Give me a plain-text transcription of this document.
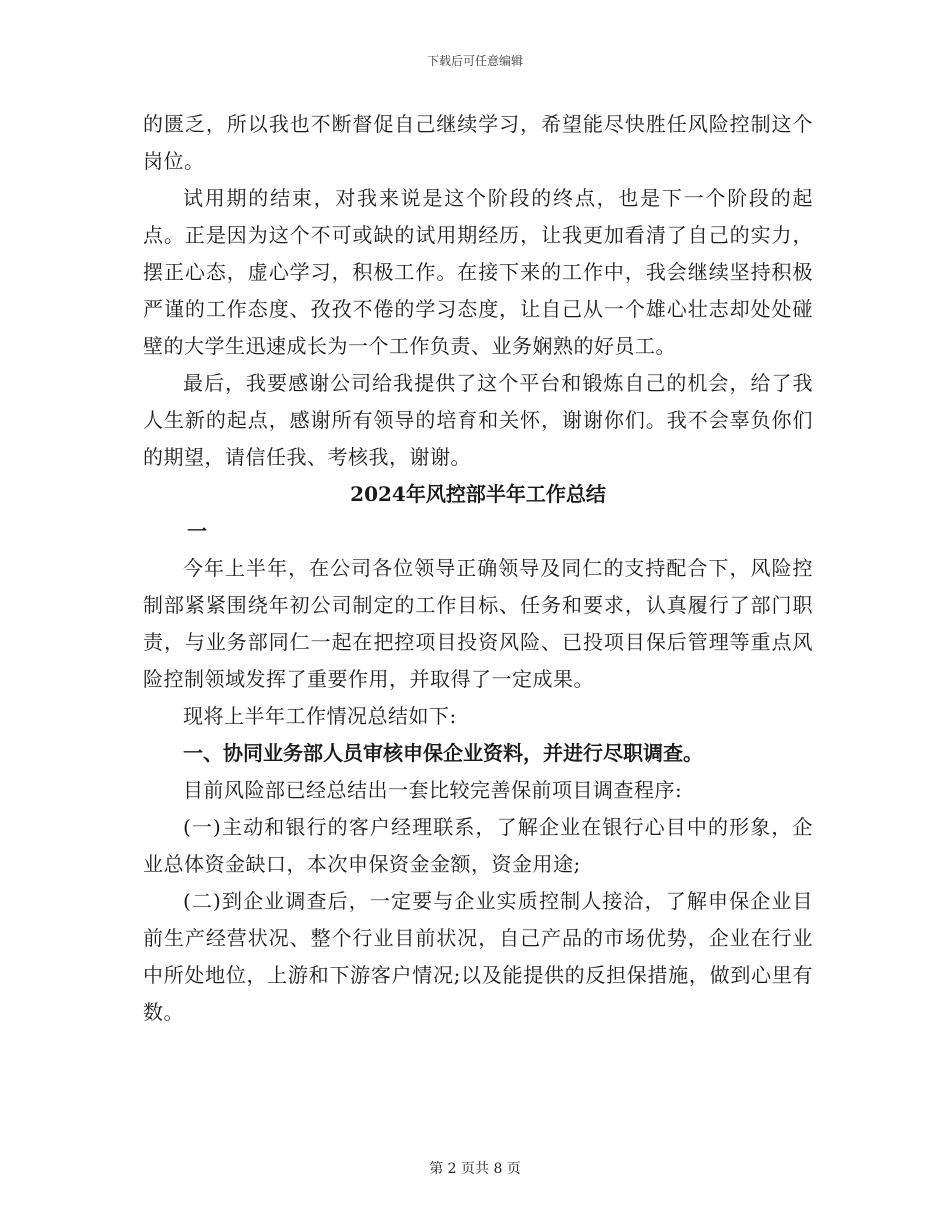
下载后可任意编辑

的匮乏，所以我也不断督促自己继续学习，希望能尽快胜任风险控制这个岗位。

试用期的结束，对我来说是这个阶段的终点，也是下一个阶段的起点。正是因为这个不可或缺的试用期经历，让我更加看清了自己的实力，摆正心态，虚心学习，积极工作。在接下来的工作中，我会继续坚持积极严谨的工作态度、孜孜不倦的学习态度，让自己从一个雄心壮志却处处碰壁的大学生迅速成长为一个工作负责、业务娴熟的好员工。

最后，我要感谢公司给我提供了这个平台和锻炼自己的机会，给了我人生新的起点，感谢所有领导的培育和关怀，谢谢你们。我不会辜负你们的期望，请信任我、考核我，谢谢。

2024年风控部半年工作总结

一

今年上半年，在公司各位领导正确领导及同仁的支持配合下，风险控制部紧紧围绕年初公司制定的工作目标、任务和要求，认真履行了部门职责，与业务部同仁一起在把控项目投资风险、已投项目保后管理等重点风险控制领域发挥了重要作用，并取得了一定成果。

现将上半年工作情况总结如下:

一、协同业务部人员审核申保企业资料，并进行尽职调查。

目前风险部已经总结出一套比较完善保前项目调查程序:

(一)主动和银行的客户经理联系，了解企业在银行心目中的形象，企业总体资金缺口，本次申保资金金额，资金用途;

(二)到企业调查后，一定要与企业实质控制人接洽，了解申保企业目前生产经营状况、整个行业目前状况，自己产品的市场优势，企业在行业中所处地位，上游和下游客户情况;以及能提供的反担保措施，做到心里有数。

第 2 页共 8 页
